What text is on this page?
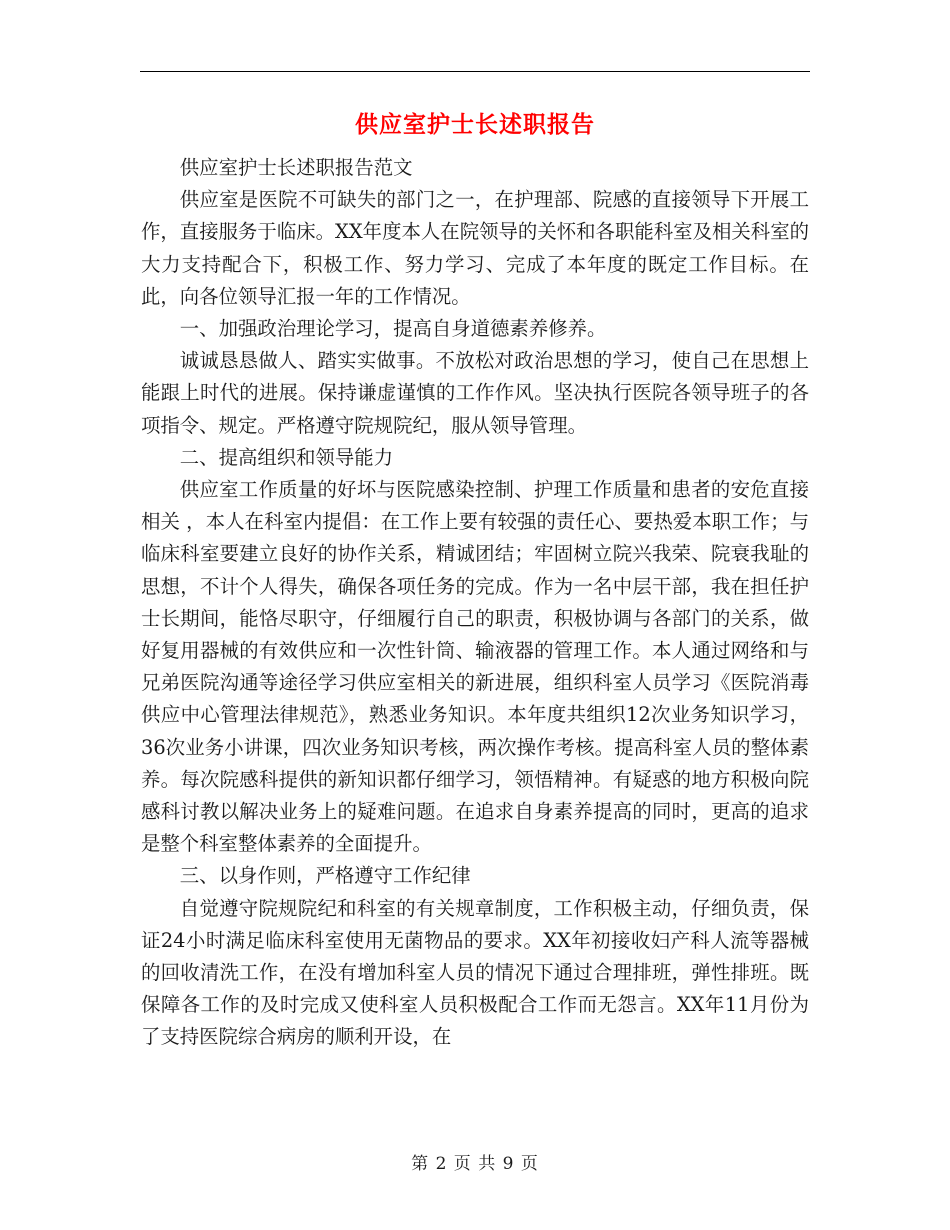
供应室护士长述职报告

供应室护士长述职报告范文

供应室是医院不可缺失的部门之一，在护理部、院感的直接领导下开展工作，直接服务于临床。XX年度本人在院领导的关怀和各职能科室及相关科室的大力支持配合下，积极工作、努力学习、完成了本年度的既定工作目标。在此，向各位领导汇报一年的工作情况。

一、加强政治理论学习，提高自身道德素养修养。

诚诚恳恳做人、踏实实做事。不放松对政治思想的学习，使自己在思想上能跟上时代的进展。保持谦虚谨慎的工作作风。坚决执行医院各领导班子的各项指令、规定。严格遵守院规院纪，服从领导管理。

二、提高组织和领导能力

供应室工作质量的好坏与医院感染控制、护理工作质量和患者的安危直接相关 ，本人在科室内提倡：在工作上要有较强的责任心、要热爱本职工作；与临床科室要建立良好的协作关系，精诚团结；牢固树立院兴我荣、院衰我耻的思想，不计个人得失，确保各项任务的完成。作为一名中层干部，我在担任护士长期间，能恪尽职守，仔细履行自己的职责，积极协调与各部门的关系，做好复用器械的有效供应和一次性针筒、输液器的管理工作。本人通过网络和与兄弟医院沟通等途径学习供应室相关的新进展，组织科室人员学习《医院消毒供应中心管理法律规范》，熟悉业务知识。本年度共组织12次业务知识学习，36次业务小讲课，四次业务知识考核，两次操作考核。提高科室人员的整体素养。每次院感科提供的新知识都仔细学习，领悟精神。有疑惑的地方积极向院感科讨教以解决业务上的疑难问题。在追求自身素养提高的同时，更高的追求是整个科室整体素养的全面提升。

三、以身作则，严格遵守工作纪律

自觉遵守院规院纪和科室的有关规章制度，工作积极主动，仔细负责，保证24小时满足临床科室使用无菌物品的要求。XX年初接收妇产科人流等器械的回收清洗工作，在没有增加科室人员的情况下通过合理排班，弹性排班。既保障各工作的及时完成又使科室人员积极配合工作而无怨言。XX年11月份为了支持医院综合病房的顺利开设，在

第 2 页 共 9 页
